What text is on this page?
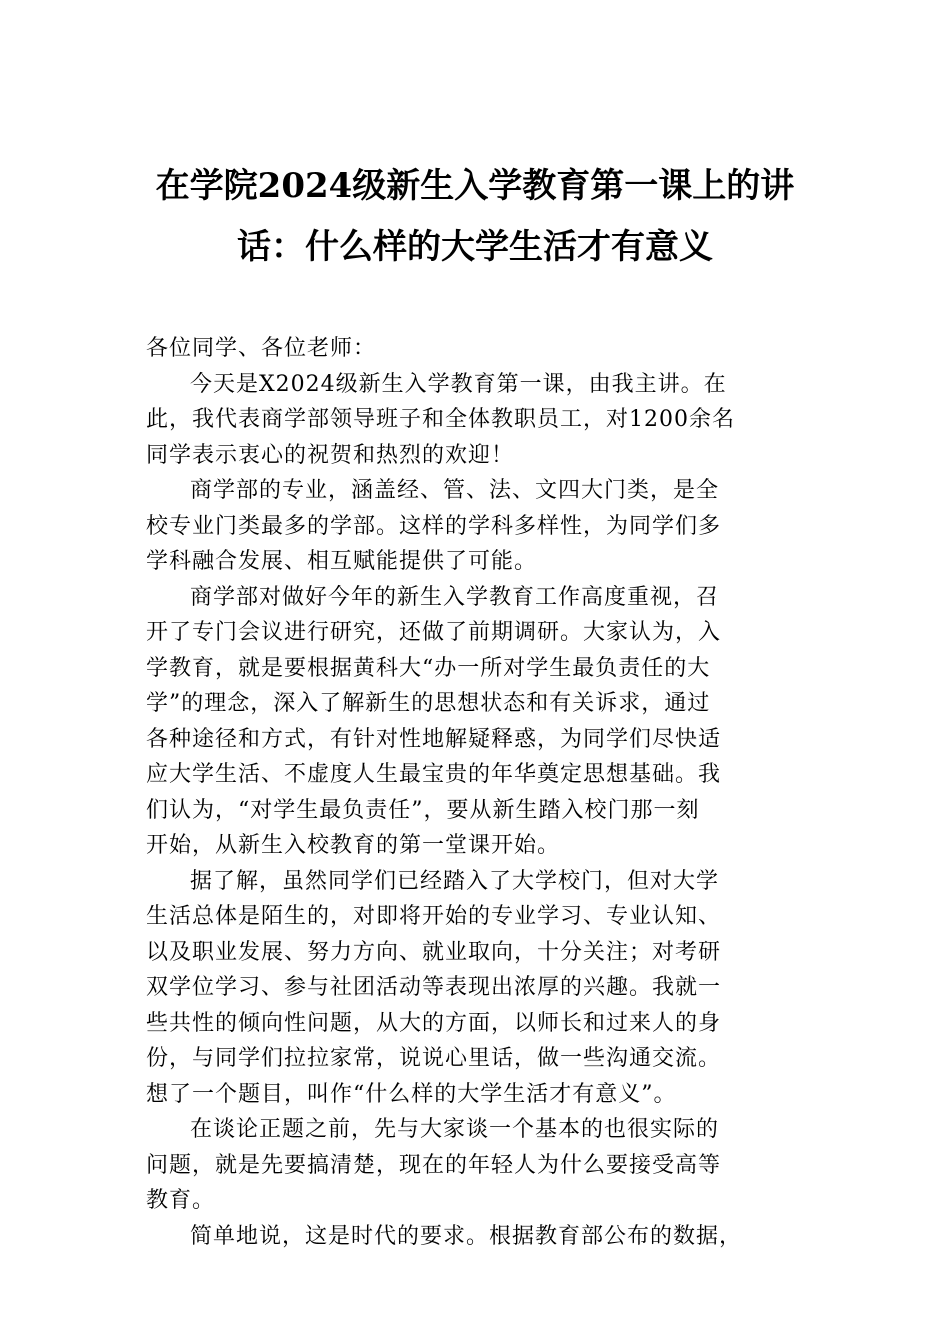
在学院2024级新生入学教育第一课上的讲
话：什么样的大学生活才有意义

各位同学、各位老师：

今天是X2024级新生入学教育第一课，由我主讲。在
此，我代表商学部领导班子和全体教职员工，对1200余名
同学表示衷心的祝贺和热烈的欢迎！

商学部的专业，涵盖经、管、法、文四大门类，是全
校专业门类最多的学部。这样的学科多样性，为同学们多
学科融合发展、相互赋能提供了可能。

商学部对做好今年的新生入学教育工作高度重视，召
开了专门会议进行研究，还做了前期调研。大家认为，入
学教育，就是要根据黄科大“办一所对学生最负责任的大
学”的理念，深入了解新生的思想状态和有关诉求，通过
各种途径和方式，有针对性地解疑释惑，为同学们尽快适
应大学生活、不虚度人生最宝贵的年华奠定思想基础。我
们认为，“对学生最负责任”，要从新生踏入校门那一刻
开始，从新生入校教育的第一堂课开始。

据了解，虽然同学们已经踏入了大学校门，但对大学
生活总体是陌生的，对即将开始的专业学习、专业认知、
以及职业发展、努力方向、就业取向，十分关注；对考研
双学位学习、参与社团活动等表现出浓厚的兴趣。我就一
些共性的倾向性问题，从大的方面，以师长和过来人的身
份，与同学们拉拉家常，说说心里话，做一些沟通交流。
想了一个题目，叫作“什么样的大学生活才有意义”。

在谈论正题之前，先与大家谈一个基本的也很实际的
问题，就是先要搞清楚，现在的年轻人为什么要接受高等
教育。

简单地说，这是时代的要求。根据教育部公布的数据，
